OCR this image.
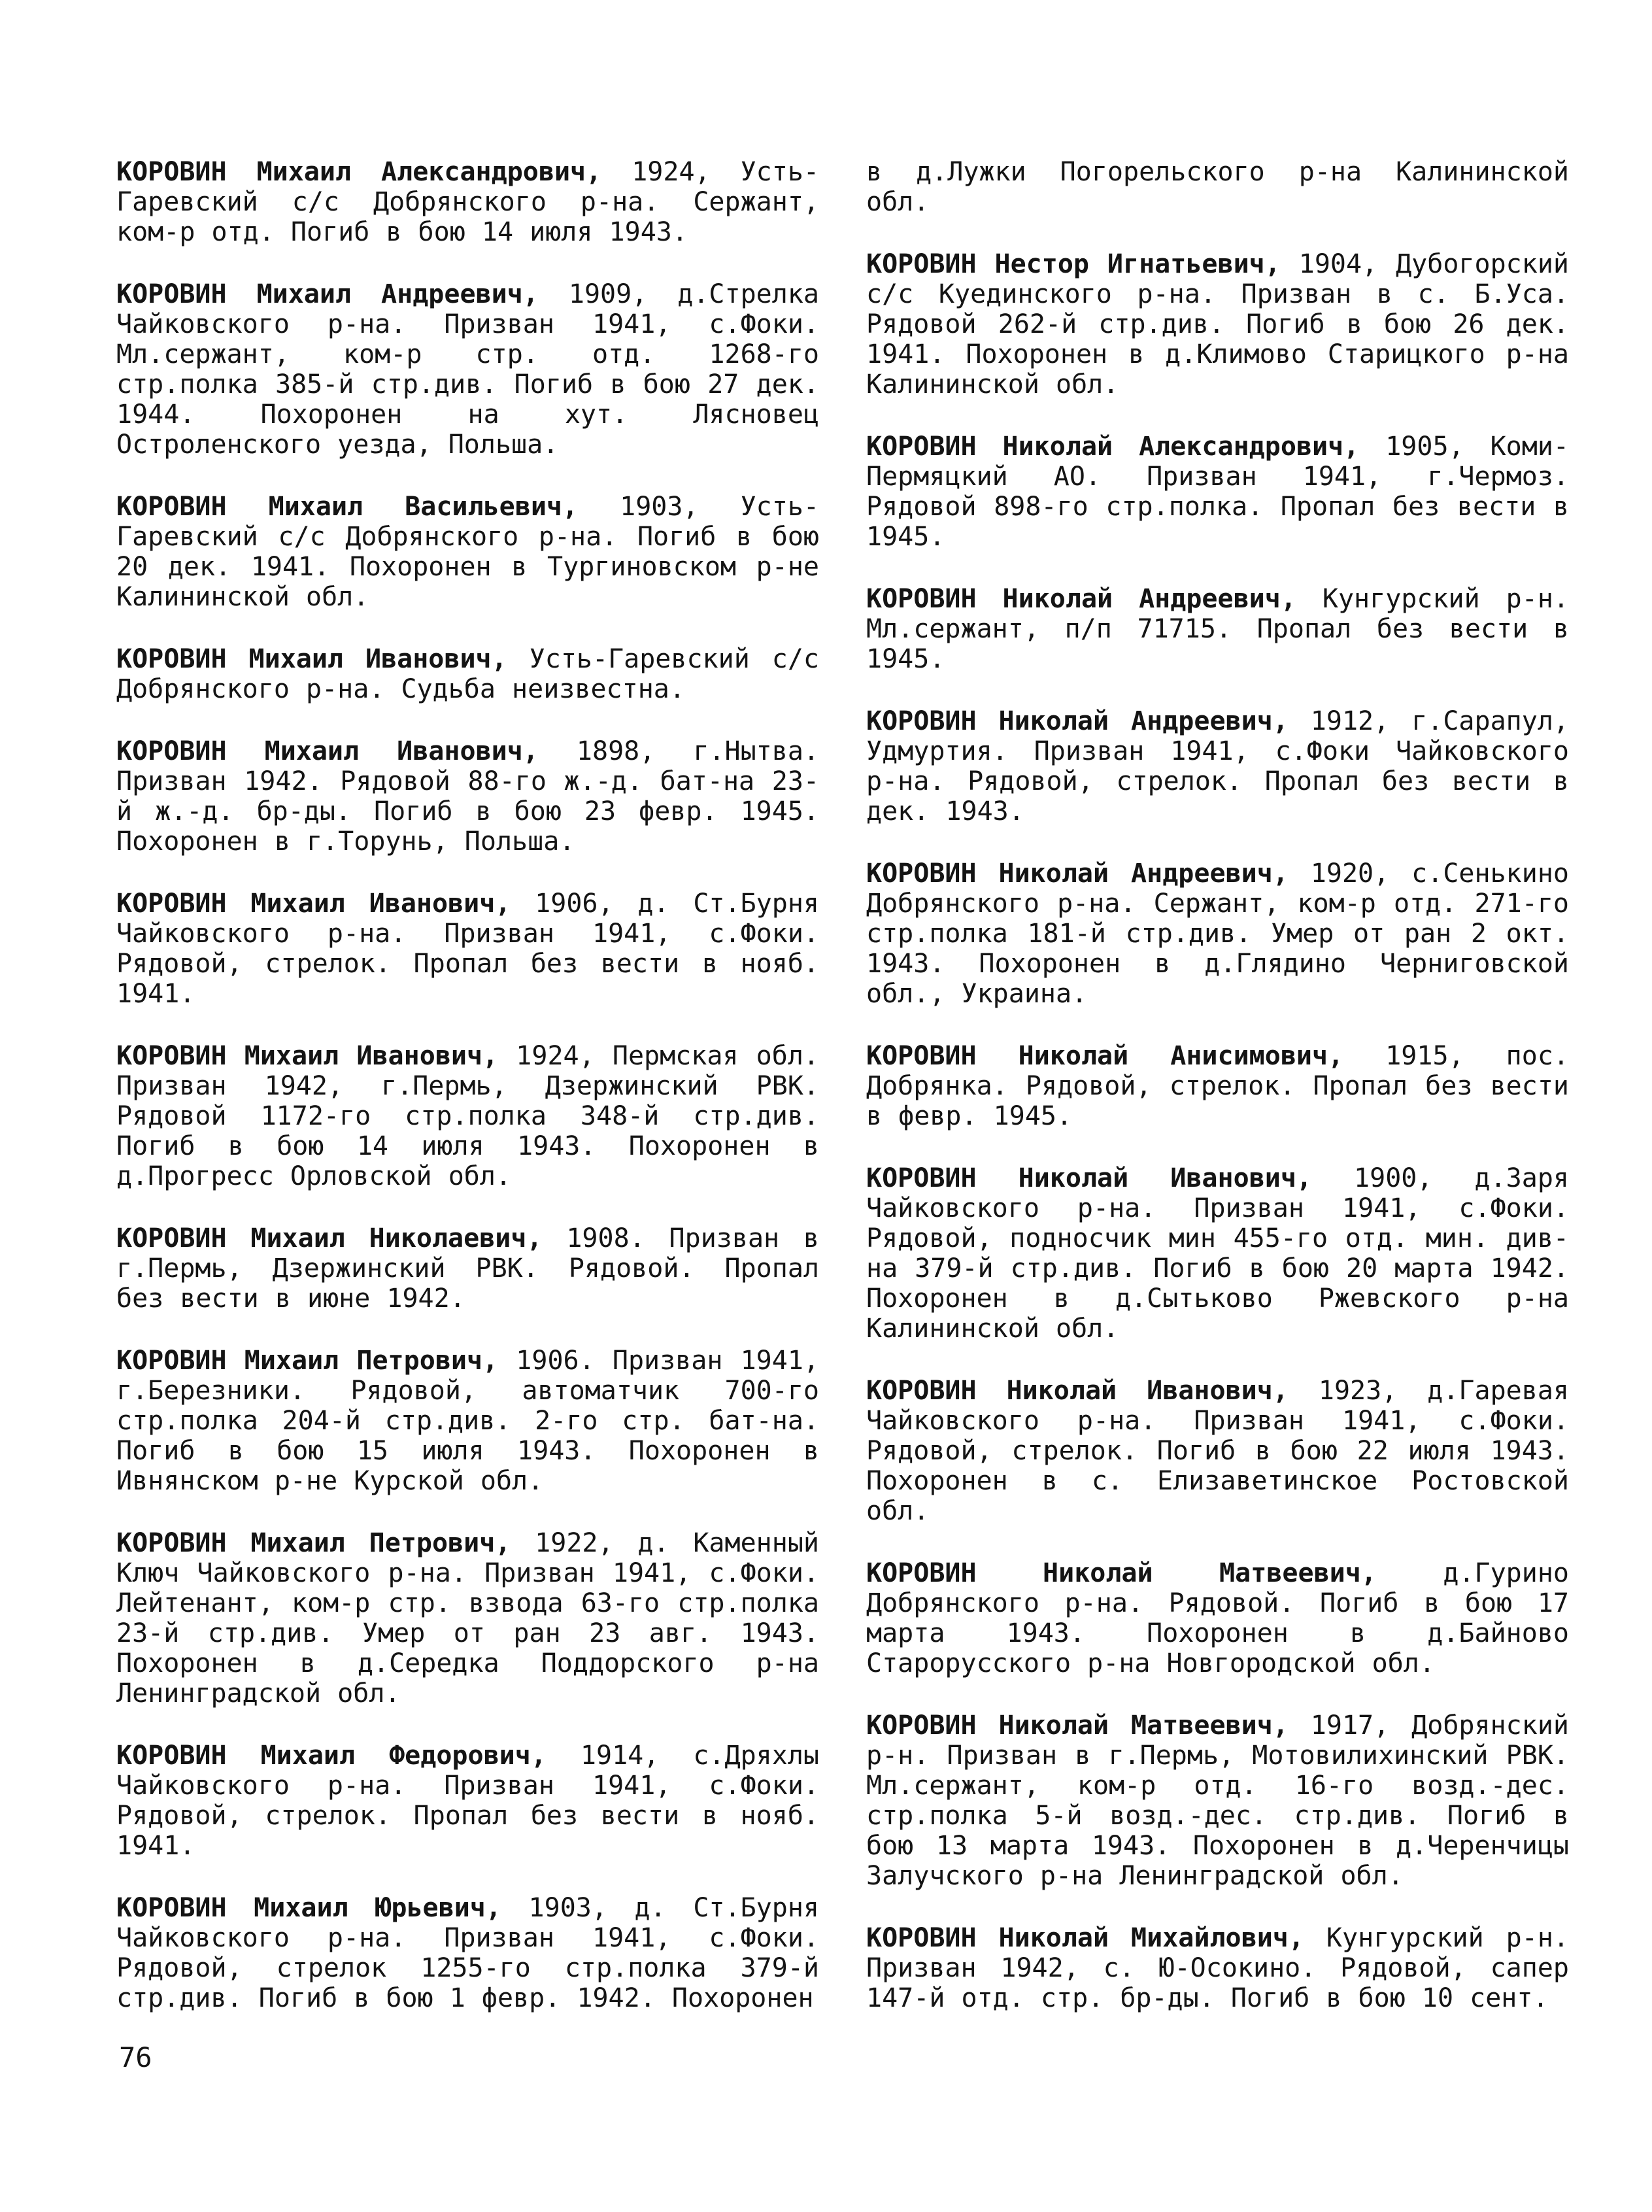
КОРОВИН Михаил Александрович, 1924, Усть-Гаревский с/с Добрянского р-на. Сержант, ком-р отд. Погиб в бою 14 июля 1943.

КОРОВИН Михаил Андреевич, 1909, д.Стрелка Чайковского р-на. Призван 1941, с.Фоки. Мл.сержант, ком-р стр. отд. 1268-го стр.полка 385-й стр.див. Погиб в бою 27 дек. 1944. Похоронен на хут. Лясновец Остроленского уезда, Польша.

КОРОВИН Михаил Васильевич, 1903, Усть-Гаревский с/с Добрянского р-на. Погиб в бою 20 дек. 1941. Похоронен в Тургиновском р-не Калининской обл.

КОРОВИН Михаил Иванович, Усть-Гаревский с/с Добрянского р-на. Судьба неизвестна.

КОРОВИН Михаил Иванович, 1898, г.Нытва. Призван 1942. Рядовой 88-го ж.-д. бат-на 23-й ж.-д. бр-ды. Погиб в бою 23 февр. 1945. Похоронен в г.Торунь, Польша.

КОРОВИН Михаил Иванович, 1906, д. Ст.Бурня Чайковского р-на. Призван 1941, с.Фоки. Рядовой, стрелок. Пропал без вести в нояб. 1941.

КОРОВИН Михаил Иванович, 1924, Пермская обл. Призван 1942, г.Пермь, Дзержинский РВК. Рядовой 1172-го стр.полка 348-й стр.див. Погиб в бою 14 июля 1943. Похоронен в д.Прогресс Орловской обл.

КОРОВИН Михаил Николаевич, 1908. Призван в г.Пермь, Дзержинский РВК. Рядовой. Пропал без вести в июне 1942.

КОРОВИН Михаил Петрович, 1906. Призван 1941, г.Березники. Рядовой, автоматчик 700-го стр.полка 204-й стр.див. 2-го стр. бат-на. Погиб в бою 15 июля 1943. Похоронен в Ивнянском р-не Курской обл.

КОРОВИН Михаил Петрович, 1922, д. Каменный Ключ Чайковского р-на. Призван 1941, с.Фоки. Лейтенант, ком-р стр. взвода 63-го стр.полка 23-й стр.див. Умер от ран 23 авг. 1943. Похоронен в д.Середка Поддорского р-на Ленинградской обл.

КОРОВИН Михаил Федорович, 1914, с.Дряхлы Чайковского р-на. Призван 1941, с.Фоки. Рядовой, стрелок. Пропал без вести в нояб. 1941.

КОРОВИН Михаил Юрьевич, 1903, д. Ст.Бурня Чайковского р-на. Призван 1941, с.Фоки. Рядовой, стрелок 1255-го стр.полка 379-й стр.див. Погиб в бою 1 февр. 1942. Похоронен

в д.Лужки Погорельского р-на Калининской обл.

КОРОВИН Нестор Игнатьевич, 1904, Дубогорский с/с Куединского р-на. Призван в с. Б.Уса. Рядовой 262-й стр.див. Погиб в бою 26 дек. 1941. Похоронен в д.Климово Старицкого р-на Калининской обл.

КОРОВИН Николай Александрович, 1905, Коми-Пермяцкий АО. Призван 1941, г.Чермоз. Рядовой 898-го стр.полка. Пропал без вести в 1945.

КОРОВИН Николай Андреевич, Кунгурский р-н. Мл.сержант, п/п 71715. Пропал без вести в 1945.

КОРОВИН Николай Андреевич, 1912, г.Сарапул, Удмуртия. Призван 1941, с.Фоки Чайковского р-на. Рядовой, стрелок. Пропал без вести в дек. 1943.

КОРОВИН Николай Андреевич, 1920, с.Сенькино Добрянского р-на. Сержант, ком-р отд. 271-го стр.полка 181-й стр.див. Умер от ран 2 окт. 1943. Похоронен в д.Глядино Черниговской обл., Украина.

КОРОВИН Николай Анисимович, 1915, пос. Добрянка. Рядовой, стрелок. Пропал без вести в февр. 1945.

КОРОВИН Николай Иванович, 1900, д.Заря Чайковского р-на. Призван 1941, с.Фоки. Рядовой, подносчик мин 455-го отд. мин. див-на 379-й стр.див. Погиб в бою 20 марта 1942. Похоронен в д.Сытьково Ржевского р-на Калининской обл.

КОРОВИН Николай Иванович, 1923, д.Гаревая Чайковского р-на. Призван 1941, с.Фоки. Рядовой, стрелок. Погиб в бою 22 июля 1943. Похоронен в с. Елизаветинское Ростовской обл.

КОРОВИН Николай Матвеевич, д.Гурино Добрянского р-на. Рядовой. Погиб в бою 17 марта 1943. Похоронен в д.Байново Старорусского р-на Новгородской обл.

КОРОВИН Николай Матвеевич, 1917, Добрянский р-н. Призван в г.Пермь, Мотовилихинский РВК. Мл.сержант, ком-р отд. 16-го возд.-дес. стр.полка 5-й возд.-дес. стр.див. Погиб в бою 13 марта 1943. Похоронен в д.Черенчицы Залучского р-на Ленинградской обл.

КОРОВИН Николай Михайлович, Кунгурский р-н. Призван 1942, с. Ю-Осокино. Рядовой, сапер 147-й отд. стр. бр-ды. Погиб в бою 10 сент.

76
